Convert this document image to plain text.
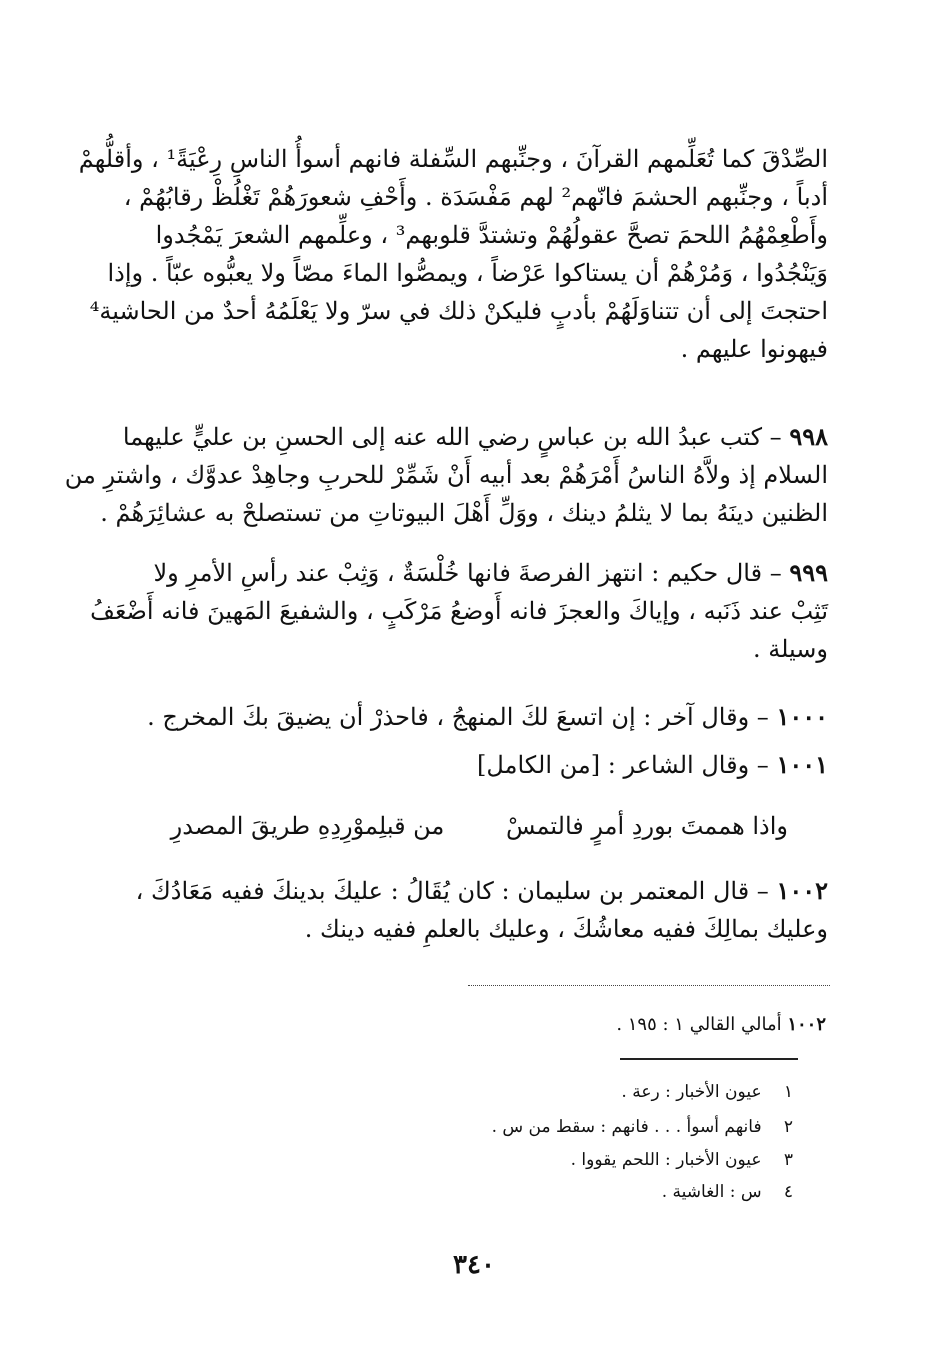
الصِّدْقَ كما تُعَلِّمهم القرآنَ ، وجنِّبهم السِّفلة فانهم أسوأُ الناسِ رِعْيَةً¹ ، وأقلُّهمْ
أدباً ، وجنِّبهم الحشمَ فانّهم² لهم مَفْسَدَة . وأَحْفِ شعورَهُمْ تَغْلُظْ رقابُهُمْ ،
وأَطْعِمْهُمُ اللحمَ تصحَّ عقولُهُمْ وتشتدَّ قلوبهم³ ، وعلِّمهم الشعرَ يَمْجُدوا
وَيَنْجُدُوا ، وَمُرْهُمْ أن يستاكوا عَرْضاً ، ويمصُّوا الماءَ مصّاً ولا يعبُّوه عبّاً . وإذا
احتجتَ إلى أن تتناوَلَهُمْ بأدبٍ فليكنْ ذلك في سرّ ولا يَعْلَمُهُ أحدٌ من الحاشية⁴
فيهونوا عليهم .

٩٩٨ – كتب عبدُ الله بن عباسٍ رضي الله عنه إلى الحسنِ بن عليٍّ عليهما
السلام إذ ولاَّهُ الناسُ أَمْرَهُمْ بعد أبيه أَنْ شَمِّرْ للحربِ وجاهِدْ عدوَّك ، واشترِ من
الظنين دينَهُ بما لا يثلمُ دينك ، ووَلِّ أَهْلَ البيوتاتِ من تستصلحْ به عشائِرَهُمْ .

٩٩٩ – قال حكيم : انتهز الفرصةَ فانها خُلْسَةٌ ، وَثِبْ عند رأسِ الأمرِ ولا
تَثِبْ عند ذَنَبه ، وإياكَ والعجزَ فانه أَوضعُ مَرْكَبٍ ، والشفيعَ المَهينَ فانه أَضْعَفُ
وسيلة .

١٠٠٠ – وقال آخر : إن اتسعَ لكَ المنهجُ ، فاحذرْ أن يضيقَ بكَ المخرج .

١٠٠١ – وقال الشاعر : [من الكامل]

واذا هممتَ بوردِ أمرٍ فالتمسْ من قبلِموْرِدِهِ طريقَ المصدرِ

١٠٠٢ – قال المعتمر بن سليمان : كان يُقَالُ : عليكَ بدينكَ ففيه مَعَادُكَ ،
وعليك بمالِكَ ففيه معاشُكَ ، وعليك بالعلمِ ففيه دينك .

١٠٠٢ أمالي القالي ١ : ١٩٥ .
١ عيون الأخبار : رعة .
٢ فانهم أسوأ . . . فانهم : سقط من س .
٣ عيون الأخبار : اللحم يقووا .
٤ س : الغاشية .
٣٤٠
